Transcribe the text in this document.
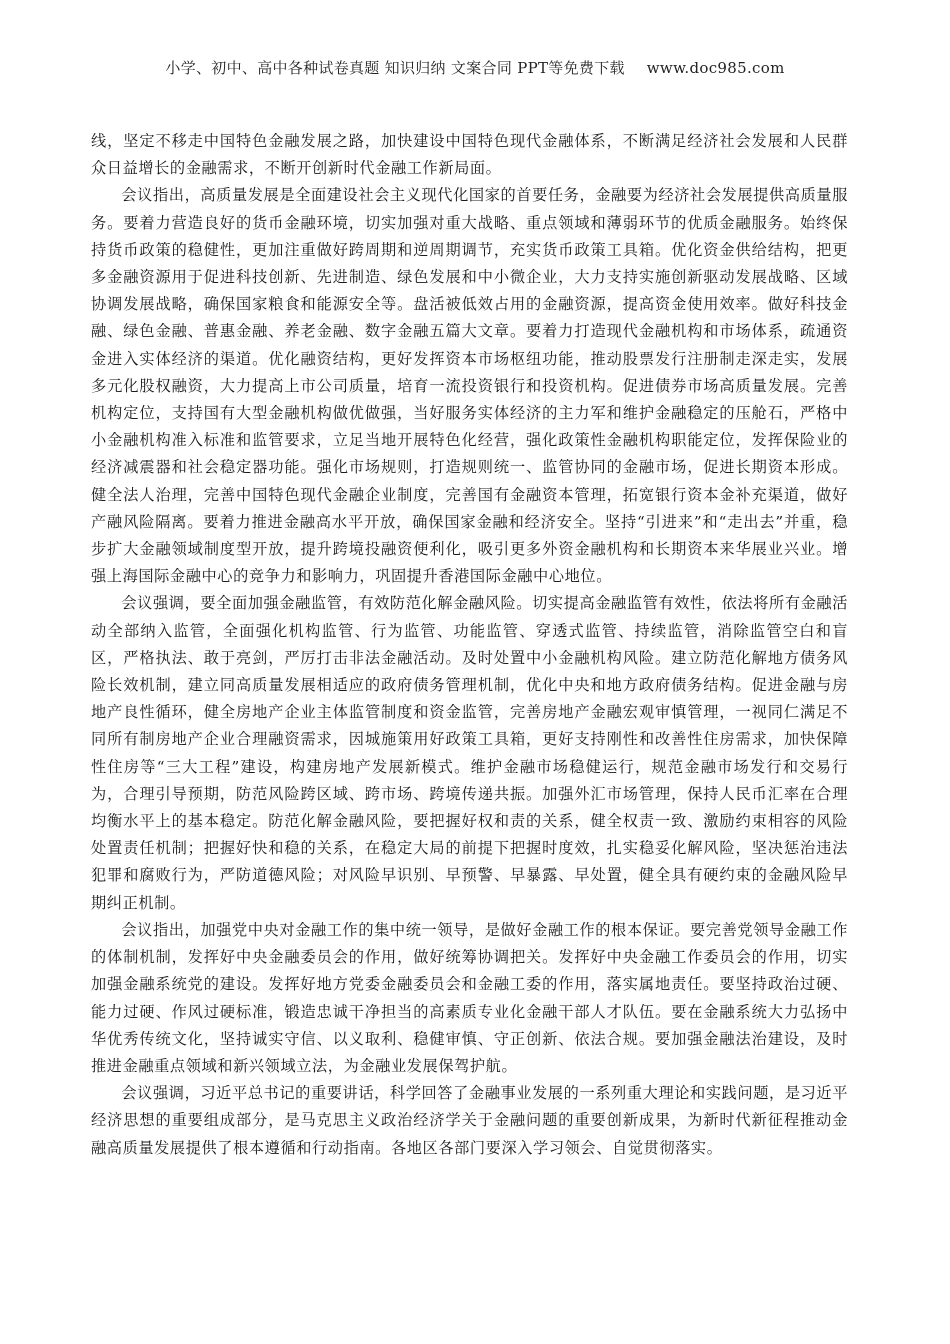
小学、初中、高中各种试卷真题 知识归纳 文案合同 PPT等免费下载 www.doc985.com

线，坚定不移走中国特色金融发展之路，加快建设中国特色现代金融体系，不断满足经济社会发展和人民群众日益增长的金融需求，不断开创新时代金融工作新局面。

会议指出，高质量发展是全面建设社会主义现代化国家的首要任务，金融要为经济社会发展提供高质量服务。要着力营造良好的货币金融环境，切实加强对重大战略、重点领域和薄弱环节的优质金融服务。始终保持货币政策的稳健性，更加注重做好跨周期和逆周期调节，充实货币政策工具箱。优化资金供给结构，把更多金融资源用于促进科技创新、先进制造、绿色发展和中小微企业，大力支持实施创新驱动发展战略、区域协调发展战略，确保国家粮食和能源安全等。盘活被低效占用的金融资源，提高资金使用效率。做好科技金融、绿色金融、普惠金融、养老金融、数字金融五篇大文章。要着力打造现代金融机构和市场体系，疏通资金进入实体经济的渠道。优化融资结构，更好发挥资本市场枢纽功能，推动股票发行注册制走深走实，发展多元化股权融资，大力提高上市公司质量，培育一流投资银行和投资机构。促进债券市场高质量发展。完善机构定位，支持国有大型金融机构做优做强，当好服务实体经济的主力军和维护金融稳定的压舱石，严格中小金融机构准入标准和监管要求，立足当地开展特色化经营，强化政策性金融机构职能定位，发挥保险业的经济减震器和社会稳定器功能。强化市场规则，打造规则统一、监管协同的金融市场，促进长期资本形成。健全法人治理，完善中国特色现代金融企业制度，完善国有金融资本管理，拓宽银行资本金补充渠道，做好产融风险隔离。要着力推进金融高水平开放，确保国家金融和经济安全。坚持“引进来”和“走出去”并重，稳步扩大金融领域制度型开放，提升跨境投融资便利化，吸引更多外资金融机构和长期资本来华展业兴业。增强上海国际金融中心的竞争力和影响力，巩固提升香港国际金融中心地位。

会议强调，要全面加强金融监管，有效防范化解金融风险。切实提高金融监管有效性，依法将所有金融活动全部纳入监管，全面强化机构监管、行为监管、功能监管、穿透式监管、持续监管，消除监管空白和盲区，严格执法、敢于亮剑，严厉打击非法金融活动。及时处置中小金融机构风险。建立防范化解地方债务风险长效机制，建立同高质量发展相适应的政府债务管理机制，优化中央和地方政府债务结构。促进金融与房地产良性循环，健全房地产企业主体监管制度和资金监管，完善房地产金融宏观审慎管理，一视同仁满足不同所有制房地产企业合理融资需求，因城施策用好政策工具箱，更好支持刚性和改善性住房需求，加快保障性住房等“三大工程”建设，构建房地产发展新模式。维护金融市场稳健运行，规范金融市场发行和交易行为，合理引导预期，防范风险跨区域、跨市场、跨境传递共振。加强外汇市场管理，保持人民币汇率在合理均衡水平上的基本稳定。防范化解金融风险，要把握好权和责的关系，健全权责一致、激励约束相容的风险处置责任机制；把握好快和稳的关系，在稳定大局的前提下把握时度效，扎实稳妥化解风险，坚决惩治违法犯罪和腐败行为，严防道德风险；对风险早识别、早预警、早暴露、早处置，健全具有硬约束的金融风险早期纠正机制。

会议指出，加强党中央对金融工作的集中统一领导，是做好金融工作的根本保证。要完善党领导金融工作的体制机制，发挥好中央金融委员会的作用，做好统筹协调把关。发挥好中央金融工作委员会的作用，切实加强金融系统党的建设。发挥好地方党委金融委员会和金融工委的作用，落实属地责任。要坚持政治过硬、能力过硬、作风过硬标准，锻造忠诚干净担当的高素质专业化金融干部人才队伍。要在金融系统大力弘扬中华优秀传统文化，坚持诚实守信、以义取利、稳健审慎、守正创新、依法合规。要加强金融法治建设，及时推进金融重点领域和新兴领域立法，为金融业发展保驾护航。

会议强调，习近平总书记的重要讲话，科学回答了金融事业发展的一系列重大理论和实践问题，是习近平经济思想的重要组成部分，是马克思主义政治经济学关于金融问题的重要创新成果，为新时代新征程推动金融高质量发展提供了根本遵循和行动指南。各地区各部门要深入学习领会、自觉贯彻落实。
